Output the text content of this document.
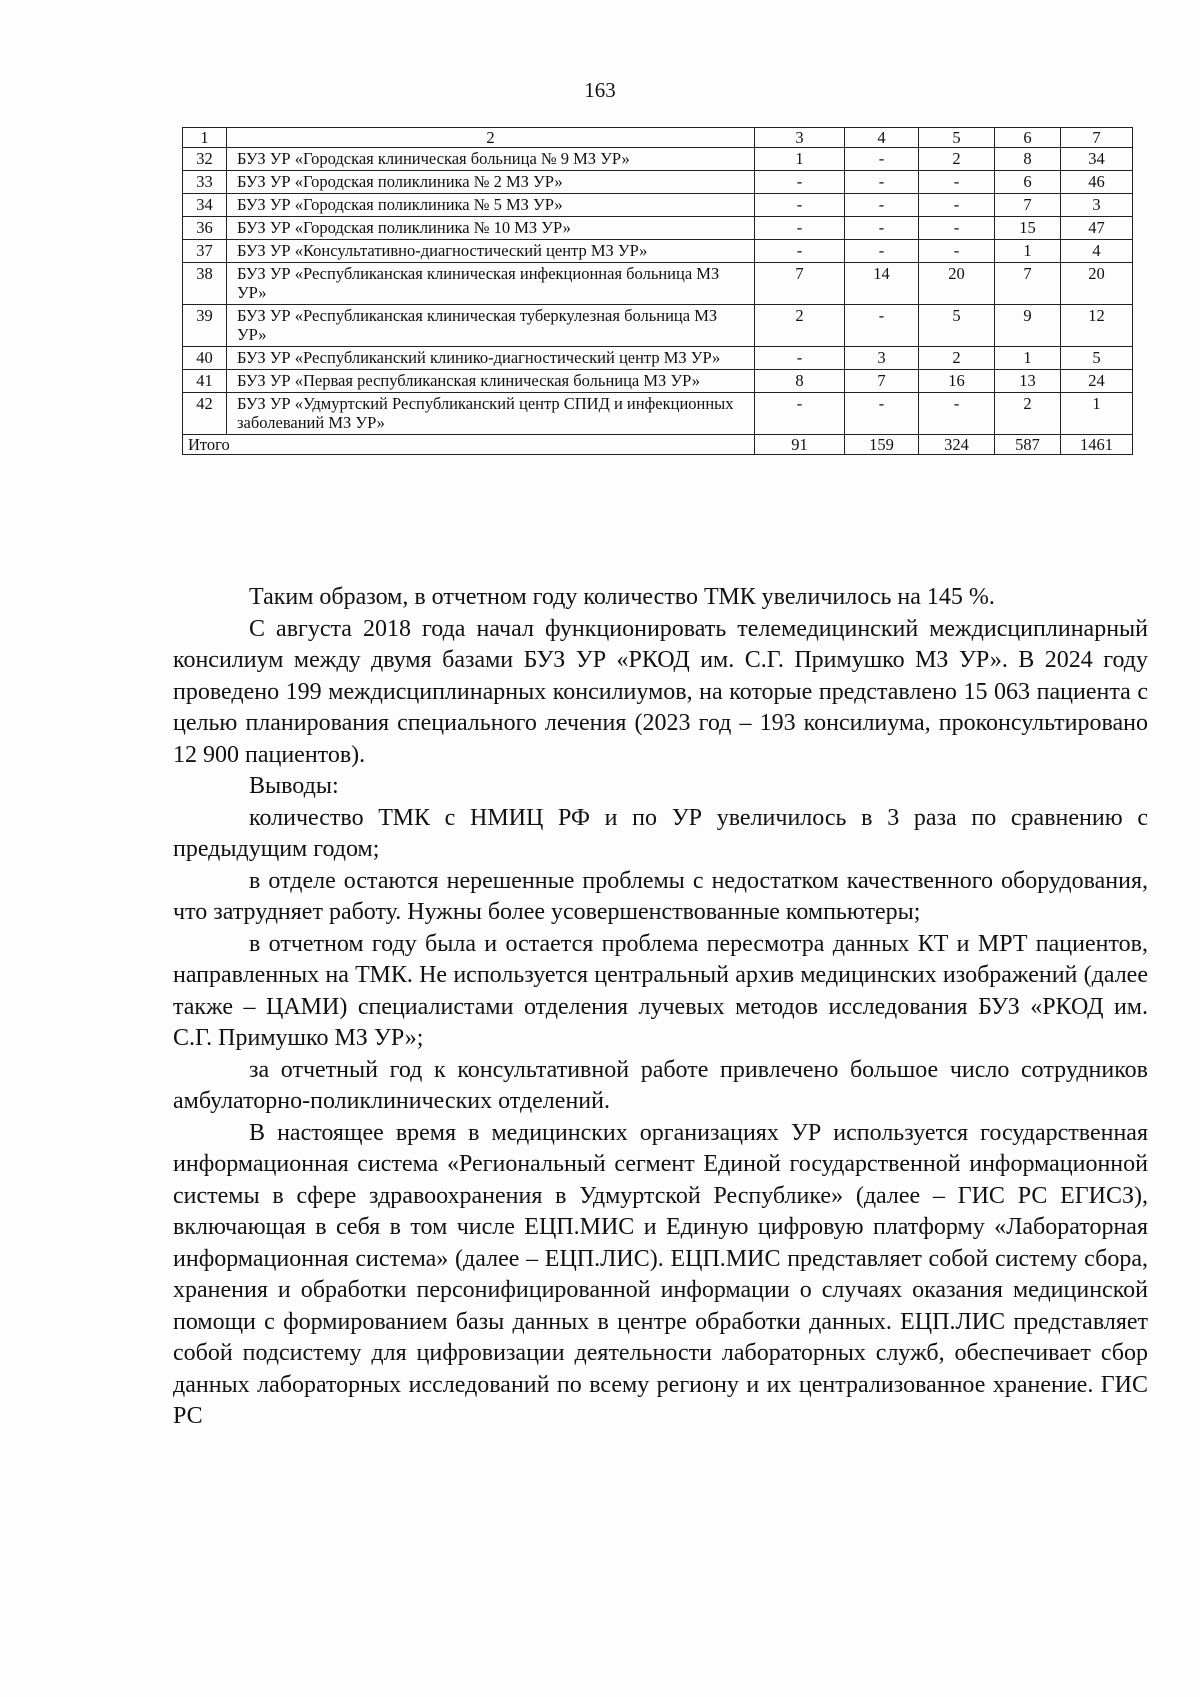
163
1	2	3	4	5	6	7
32	БУЗ УР «Городская клиническая больница № 9 МЗ УР»	1	-	2	8	34
33	БУЗ УР «Городская поликлиника № 2 МЗ УР»	-	-	-	6	46
34	БУЗ УР «Городская поликлиника № 5 МЗ УР»	-	-	-	7	3
36	БУЗ УР «Городская поликлиника № 10 МЗ УР»	-	-	-	15	47
37	БУЗ УР «Консультативно-диагностический центр МЗ УР»	-	-	-	1	4
38	БУЗ УР «Республиканская клиническая инфекционная больница МЗ УР»	7	14	20	7	20
39	БУЗ УР «Республиканская клиническая туберкулезная больница МЗ УР»	2	-	5	9	12
40	БУЗ УР «Республиканский клинико-диагностический центр МЗ УР»	-	3	2	1	5
41	БУЗ УР «Первая республиканская клиническая больница МЗ УР»	8	7	16	13	24
42	БУЗ УР «Удмуртский Республиканский центр СПИД и инфекционных заболеваний МЗ УР»	-	-	-	2	1
Итого		91	159	324	587	1461

Таким образом, в отчетном году количество ТМК увеличилось на 145 %.

С августа 2018 года начал функционировать телемедицинский междисциплинарный консилиум между двумя базами БУЗ УР «РКОД им. С.Г. Примушко МЗ УР». В 2024 году проведено 199 междисциплинарных консилиумов, на которые представлено 15 063 пациента с целью планирования специального лечения (2023 год – 193 консилиума, проконсультировано 12 900 пациентов).

Выводы:

количество ТМК с НМИЦ РФ и по УР увеличилось в 3 раза по сравнению с предыдущим годом;

в отделе остаются нерешенные проблемы с недостатком качественного оборудования, что затрудняет работу. Нужны более усовершенствованные компьютеры;

в отчетном году была и остается проблема пересмотра данных КТ и МРТ пациентов, направленных на ТМК. Не используется центральный архив медицинских изображений (далее также – ЦАМИ) специалистами отделения лучевых методов исследования БУЗ «РКОД им. С.Г. Примушко МЗ УР»;

за отчетный год к консультативной работе привлечено большое число сотрудников амбулаторно-поликлинических отделений.

В настоящее время в медицинских организациях УР используется государственная информационная система «Региональный сегмент Единой государственной информационной системы в сфере здравоохранения в Удмуртской Республике» (далее – ГИС РС ЕГИСЗ), включающая в себя в том числе ЕЦП.МИС и Единую цифровую платформу «Лабораторная информационная система» (далее – ЕЦП.ЛИС). ЕЦП.МИС представляет собой систему сбора, хранения и обработки персонифицированной информации о случаях оказания медицинской помощи с формированием базы данных в центре обработки данных. ЕЦП.ЛИС представляет собой подсистему для цифровизации деятельности лабораторных служб, обеспечивает сбор данных лабораторных исследований по всему региону и их централизованное хранение. ГИС РС
